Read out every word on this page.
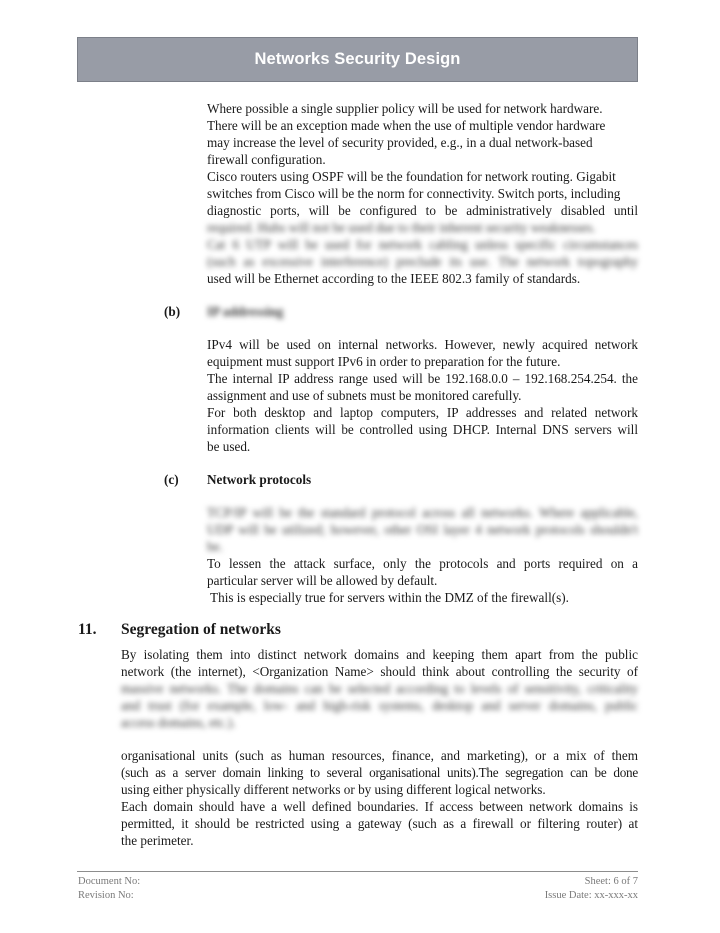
Networks Security Design

Where possible a single supplier policy will be used for network hardware.

There will be an exception made when the use of multiple vendor hardware

may increase the level of security provided, e.g., in a dual network-based

firewall configuration.

Cisco routers using OSPF will be the foundation for network routing. Gigabit

switches from Cisco will be the norm for connectivity. Switch ports, including

diagnostic ports, will be configured to be administratively disabled until

required. Hubs will not be used due to their inherent security weaknesses.

Cat 6 UTP will be used for network cabling unless specific circumstances

(such as excessive interference) preclude its use. The network topography

used will be Ethernet according to the IEEE 802.3 family of standards.

(b) IP addressing

IPv4 will be used on internal networks. However, newly acquired network

equipment must support IPv6 in order to preparation for the future.

The internal IP address range used will be 192.168.0.0 – 192.168.254.254. the

assignment and use of subnets must be monitored carefully.

For both desktop and laptop computers, IP addresses and related network

information clients will be controlled using DHCP. Internal DNS servers will

be used.

(c) Network protocols

TCP/IP will be the standard protocol across all networks. Where applicable,

UDP will be utilized; however, other OSI layer 4 network protocols shouldn't

be.

To lessen the attack surface, only the protocols and ports required on a

particular server will be allowed by default.

This is especially true for servers within the DMZ of the firewall(s).

11. Segregation of networks

By isolating them into distinct network domains and keeping them apart from the public

network (the internet), <Organization Name> should think about controlling the security of

massive networks. The domains can be selected according to levels of sensitivity, criticality

and trust (for example, low- and high-risk systems, desktop and server domains, public

access domains, etc.).

organisational units (such as human resources, finance, and marketing), or a mix of them

(such as a server domain linking to several organisational units).The segregation can be done

using either physically different networks or by using different logical networks.

Each domain should have a well defined boundaries. If access between network domains is

permitted, it should be restricted using a gateway (such as a firewall or filtering router) at

the perimeter.

Document No:
Revision No:
Sheet: 6 of 7
Issue Date: xx-xxx-xx
